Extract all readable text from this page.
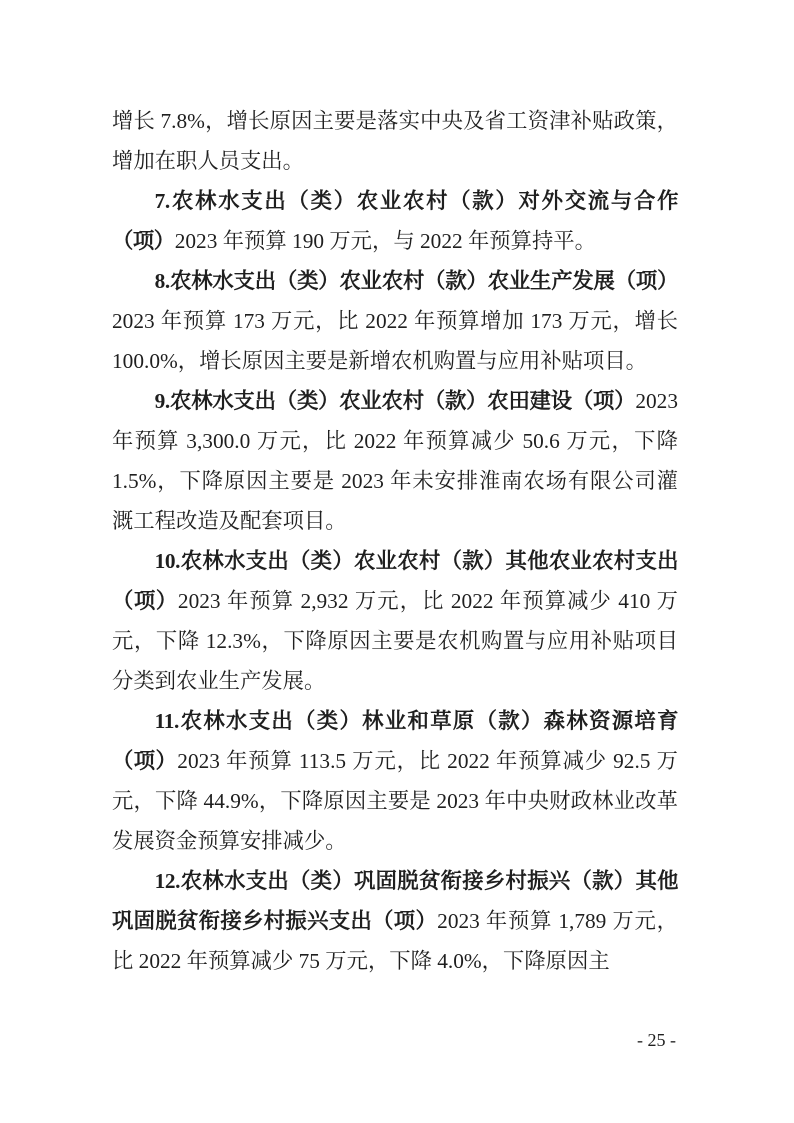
增长 7.8%，增长原因主要是落实中央及省工资津补贴政策，增加在职人员支出。

7.农林水支出（类）农业农村（款）对外交流与合作（项）2023 年预算 190 万元，与 2022 年预算持平。

8.农林水支出（类）农业农村（款）农业生产发展（项）2023 年预算 173 万元，比 2022 年预算增加 173 万元，增长 100.0%，增长原因主要是新增农机购置与应用补贴项目。

9.农林水支出（类）农业农村（款）农田建设（项）2023 年预算 3,300.0 万元，比 2022 年预算减少 50.6 万元，下降 1.5%，下降原因主要是 2023 年未安排淮南农场有限公司灌溉工程改造及配套项目。

10.农林水支出（类）农业农村（款）其他农业农村支出（项）2023 年预算 2,932 万元，比 2022 年预算减少 410 万元，下降 12.3%，下降原因主要是农机购置与应用补贴项目分类到农业生产发展。

11.农林水支出（类）林业和草原（款）森林资源培育（项）2023 年预算 113.5 万元，比 2022 年预算减少 92.5 万元，下降 44.9%，下降原因主要是 2023 年中央财政林业改革发展资金预算安排减少。

12.农林水支出（类）巩固脱贫衔接乡村振兴（款）其他巩固脱贫衔接乡村振兴支出（项）2023 年预算 1,789 万元，比 2022 年预算减少 75 万元，下降 4.0%，下降原因主

- 25 -
